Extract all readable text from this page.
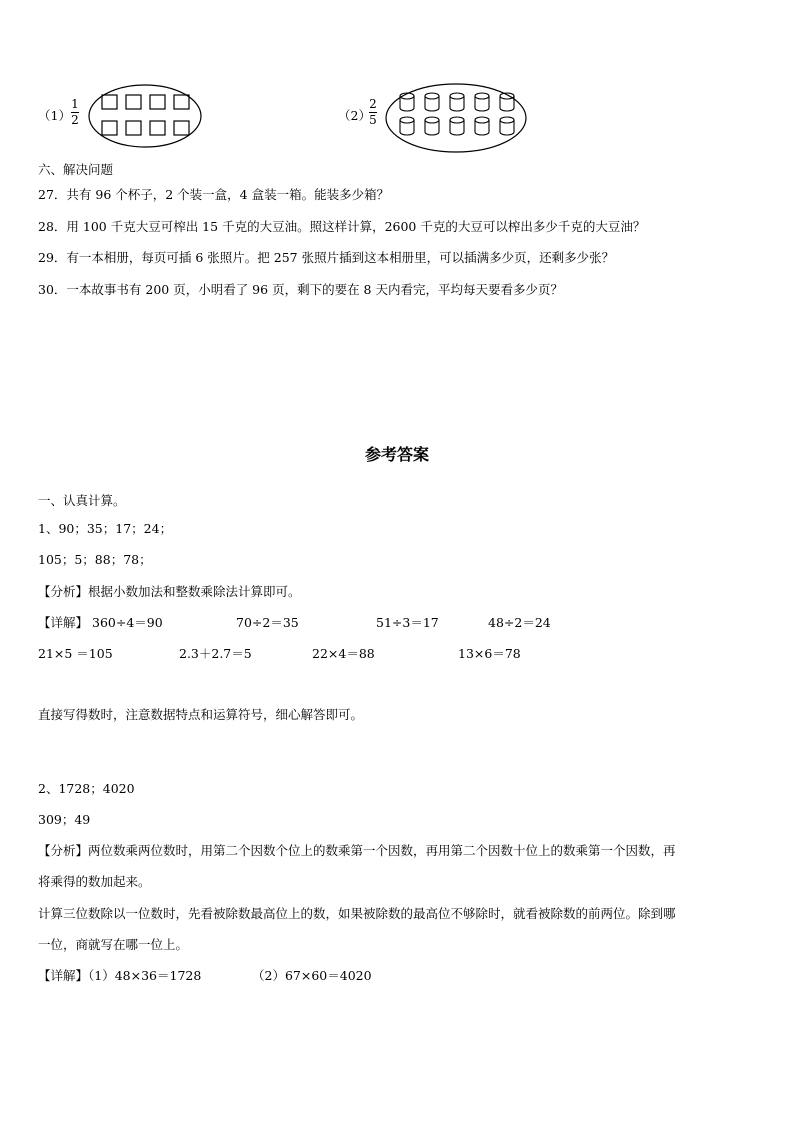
（1）
1
2	（2）
2
5
六、解决问题
27．共有 96 个杯子，2 个装一盒，4 盒装一箱。能装多少箱？
28．用 100 千克大豆可榨出 15 千克的大豆油。照这样计算，2600 千克的大豆可以榨出多少千克的大豆油？
29．有一本相册，每页可插 6 张照片。把 257 张照片插到这本相册里，可以插满多少页，还剩多少张？
30．一本故事书有 200 页，小明看了 96 页，剩下的要在 8 天内看完，平均每天要看多少页？
参考答案
一、认真计算。
1、90；35；17；24；
105；5；88；78；
【分析】根据小数加法和整数乘除法计算即可。
【详解】 360÷4＝90	70÷2＝35	51÷3＝17	48÷2＝24
21×5 ＝105	2.3＋2.7＝5	22×4＝88	13×6＝78
直接写得数时，注意数据特点和运算符号，细心解答即可。
2、1728；4020
309；49
【分析】两位数乘两位数时，用第二个因数个位上的数乘第一个因数，再用第二个因数十位上的数乘第一个因数，再
将乘得的数加起来。
计算三位数除以一位数时，先看被除数最高位上的数，如果被除数的最高位不够除时，就看被除数的前两位。除到哪
一位，商就写在哪一位上。
【详解】（1）48×36＝1728	（2）67×60＝4020
